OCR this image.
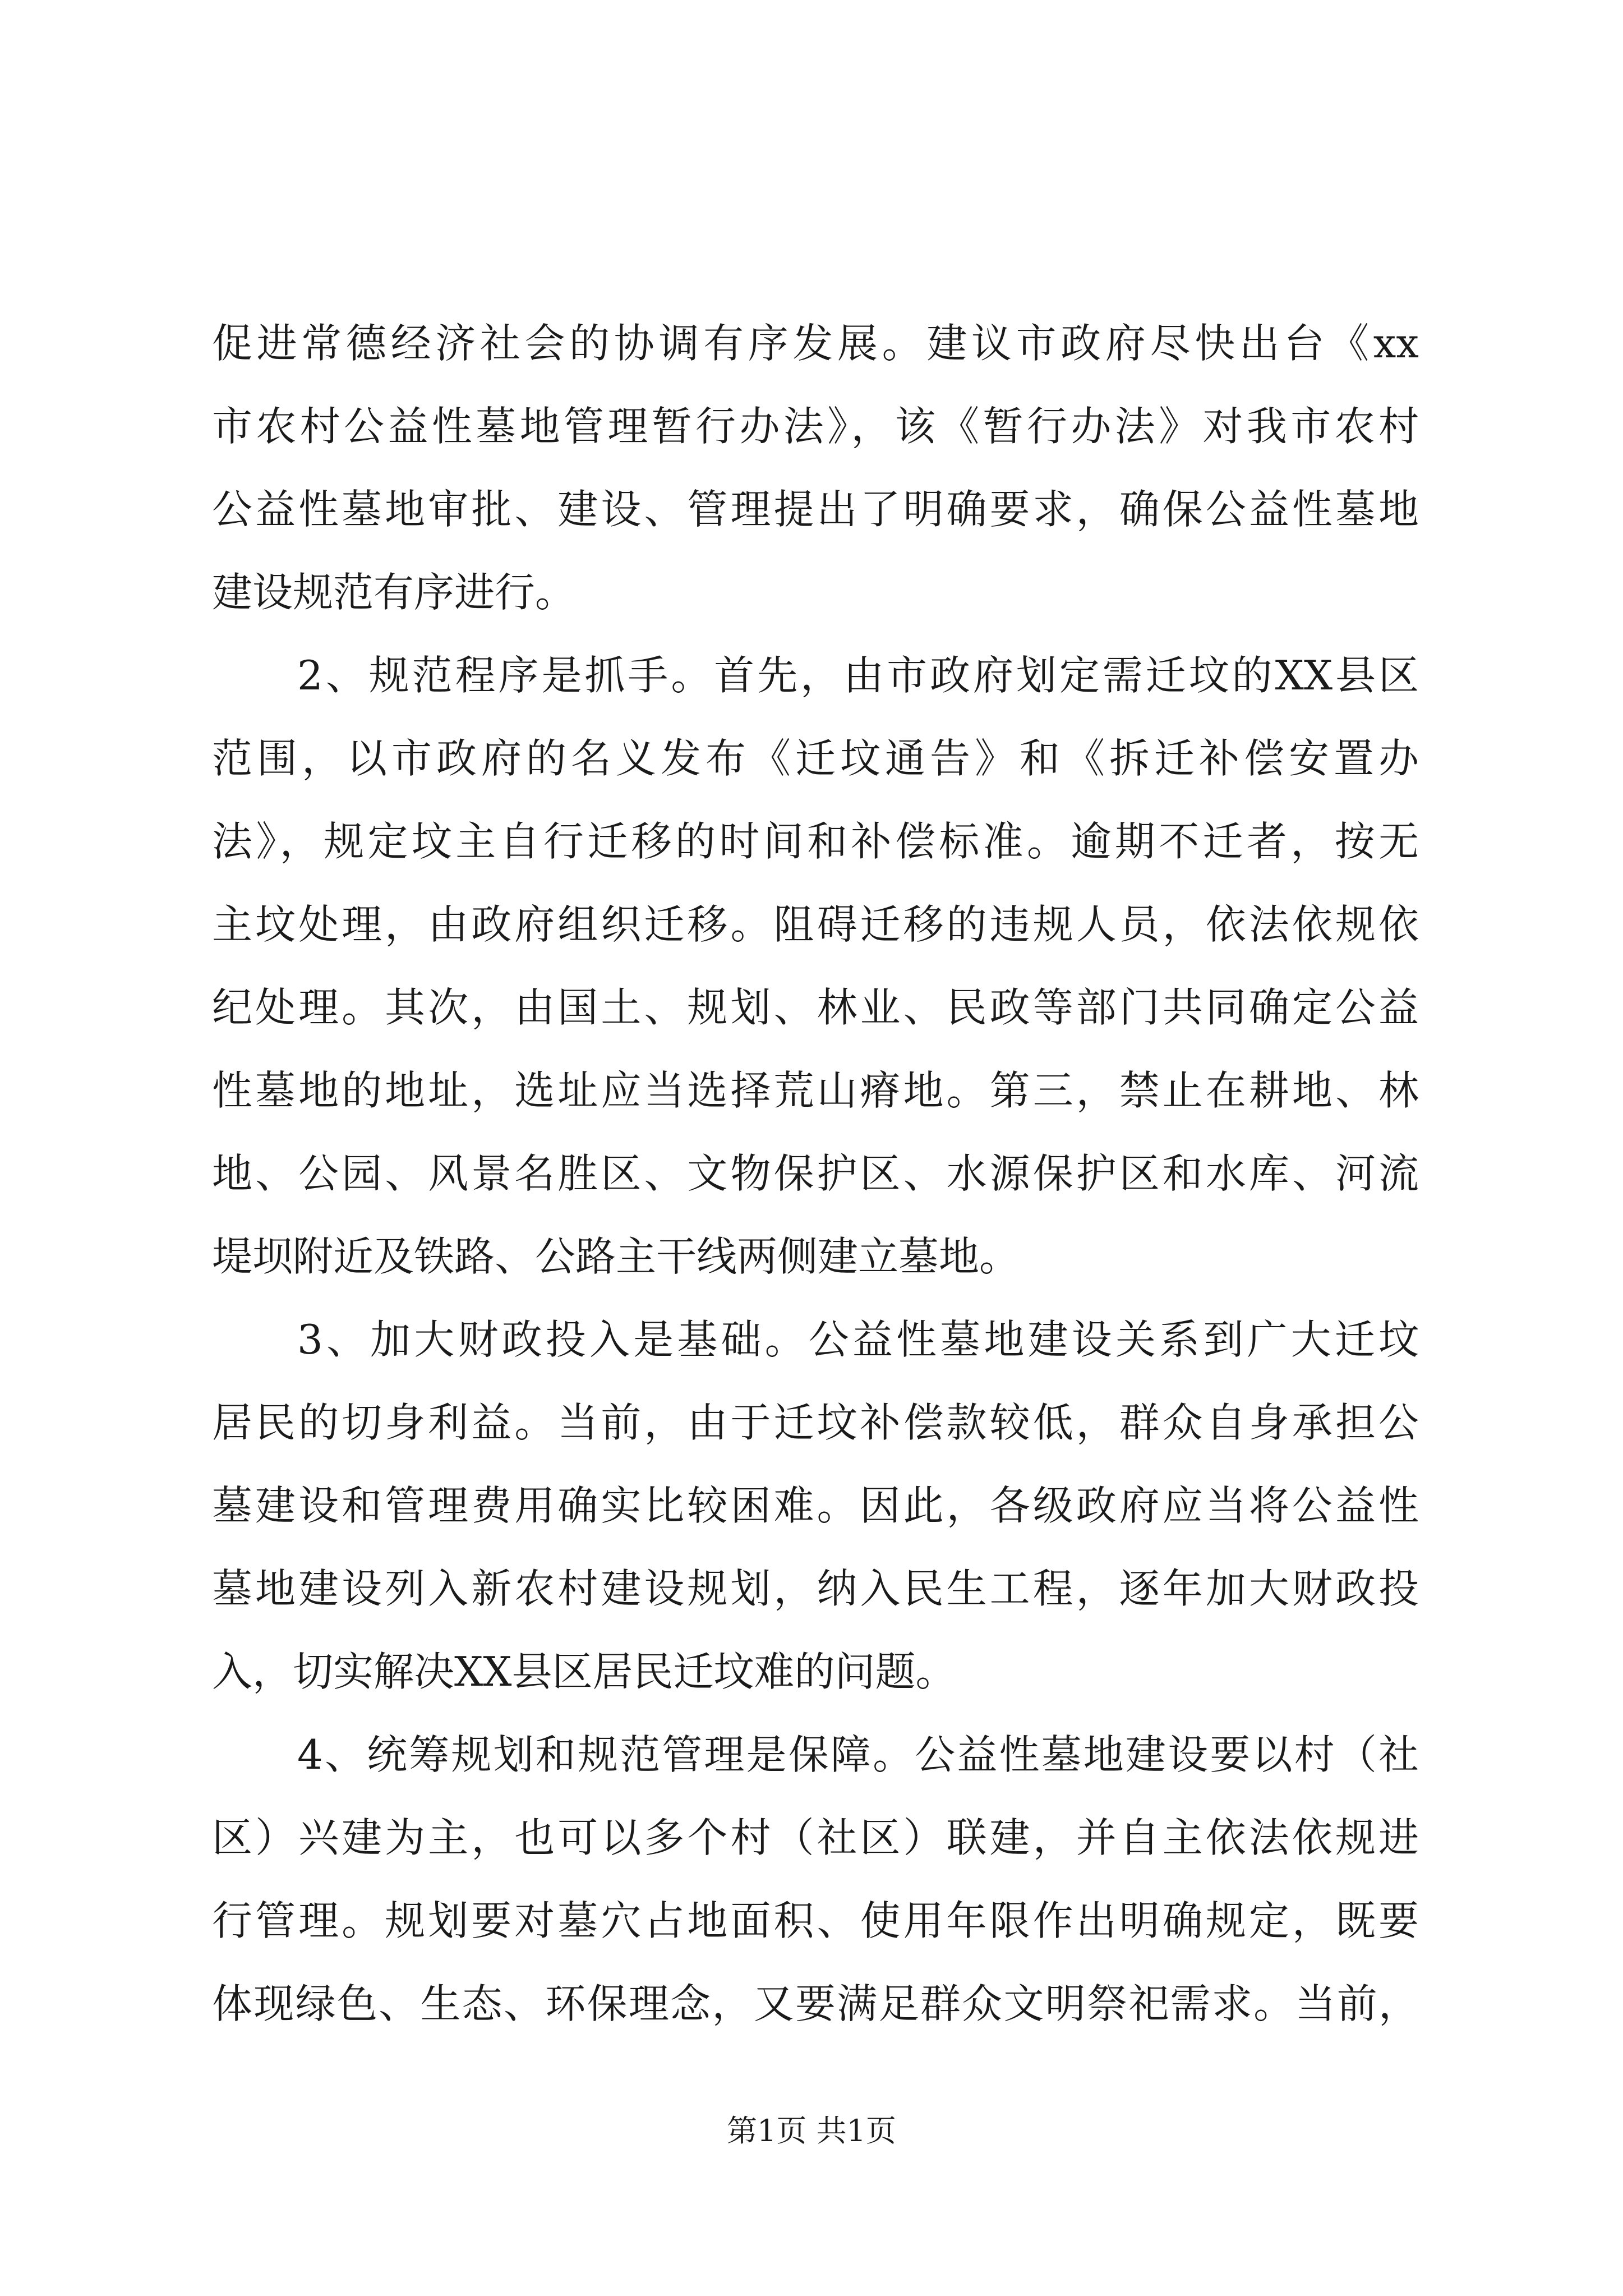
促进常德经济社会的协调有序发展。建议市政府尽快出台《xx
市农村公益性墓地管理暂行办法》，该《暂行办法》对我市农村
公益性墓地审批、建设、管理提出了明确要求，确保公益性墓地
建设规范有序进行。
2、规范程序是抓手。首先，由市政府划定需迁坟的XX县区
范围，以市政府的名义发布《迁坟通告》和《拆迁补偿安置办
法》，规定坟主自行迁移的时间和补偿标准。逾期不迁者，按无
主坟处理，由政府组织迁移。阻碍迁移的违规人员，依法依规依
纪处理。其次，由国土、规划、林业、民政等部门共同确定公益
性墓地的地址，选址应当选择荒山瘠地。第三，禁止在耕地、林
地、公园、风景名胜区、文物保护区、水源保护区和水库、河流
堤坝附近及铁路、公路主干线两侧建立墓地。
3、加大财政投入是基础。公益性墓地建设关系到广大迁坟
居民的切身利益。当前，由于迁坟补偿款较低，群众自身承担公
墓建设和管理费用确实比较困难。因此，各级政府应当将公益性
墓地建设列入新农村建设规划，纳入民生工程，逐年加大财政投
入，切实解决XX县区居民迁坟难的问题。
4、统筹规划和规范管理是保障。公益性墓地建设要以村（社
区）兴建为主，也可以多个村（社区）联建，并自主依法依规进
行管理。规划要对墓穴占地面积、使用年限作出明确规定，既要
体现绿色、生态、环保理念，又要满足群众文明祭祀需求。当前，
第1页 共1页
